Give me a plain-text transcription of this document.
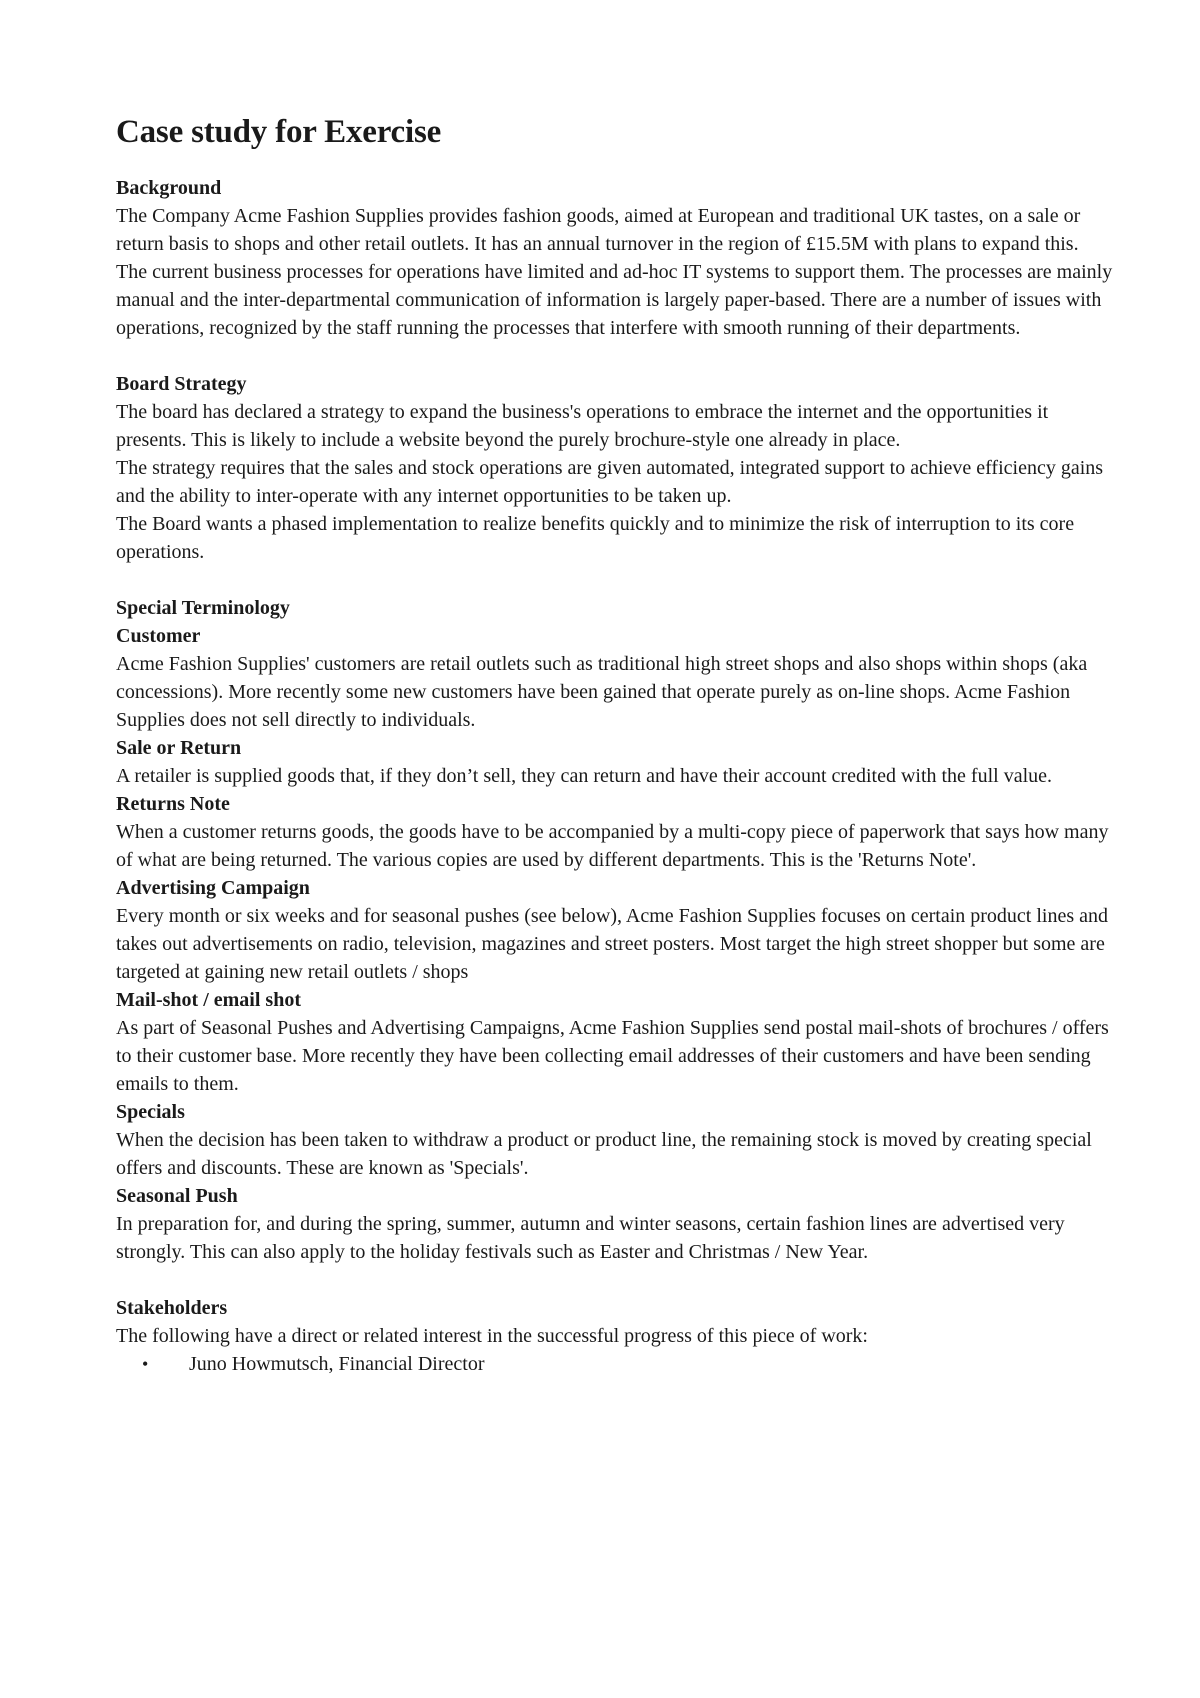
Case study for Exercise
Background

The Company Acme Fashion Supplies provides fashion goods, aimed at European and traditional UK tastes, on a sale or return basis to shops and other retail outlets. It has an annual turnover in the region of £15.5M with plans to expand this.

The current business processes for operations have limited and ad-hoc IT systems to support them. The processes are mainly manual and the inter-departmental communication of information is largely paper-based. There are a number of issues with operations, recognized by the staff running the processes that interfere with smooth running of their departments.

Board Strategy

The board has declared a strategy to expand the business's operations to embrace the internet and the opportunities it presents. This is likely to include a website beyond the purely brochure-style one already in place.

The strategy requires that the sales and stock operations are given automated, integrated support to achieve efficiency gains and the ability to inter-operate with any internet opportunities to be taken up.

The Board wants a phased implementation to realize benefits quickly and to minimize the risk of interruption to its core operations.

Special Terminology
Customer
Acme Fashion Supplies' customers are retail outlets such as traditional high street shops and also shops within shops (aka concessions). More recently some new customers have been gained that operate purely as on-line shops. Acme Fashion Supplies does not sell directly to individuals.
Sale or Return
A retailer is supplied goods that, if they don’t sell, they can return and have their account credited with the full value.
Returns Note
When a customer returns goods, the goods have to be accompanied by a multi-copy piece of paperwork that says how many of what are being returned. The various copies are used by different departments. This is the 'Returns Note'.
Advertising Campaign
Every month or six weeks and for seasonal pushes (see below), Acme Fashion Supplies focuses on certain product lines and takes out advertisements on radio, television, magazines and street posters. Most target the high street shopper but some are targeted at gaining new retail outlets / shops
Mail-shot / email shot
As part of Seasonal Pushes and Advertising Campaigns, Acme Fashion Supplies send postal mail-shots of brochures / offers to their customer base. More recently they have been collecting email addresses of their customers and have been sending emails to them.
Specials
When the decision has been taken to withdraw a product or product line, the remaining stock is moved by creating special offers and discounts. These are known as 'Specials'.
Seasonal Push
In preparation for, and during the spring, summer, autumn and winter seasons, certain fashion lines are advertised very strongly. This can also apply to the holiday festivals such as Easter and Christmas / New Year.
Stakeholders

The following have a direct or related interest in the successful progress of this piece of work:

• Juno Howmutsch, Financial Director
